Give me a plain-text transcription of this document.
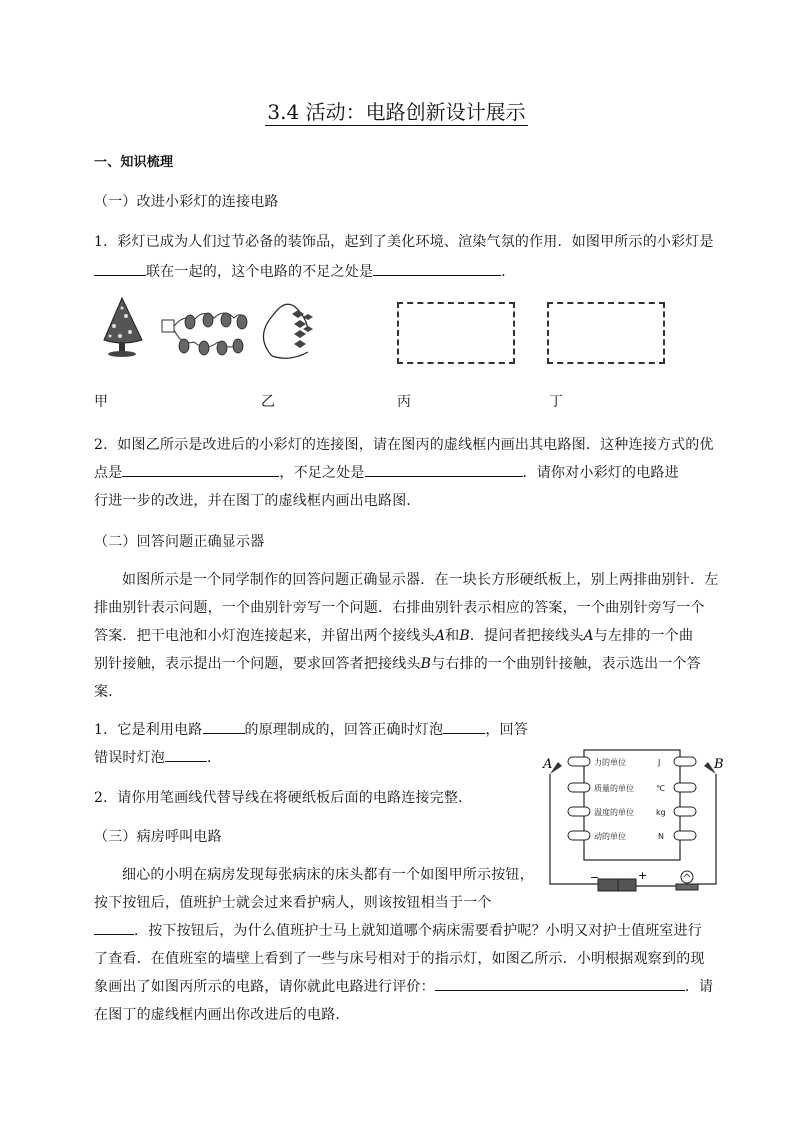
3.4 活动：电路创新设计展示
一、知识梳理
（一）改进小彩灯的连接电路
1．彩灯已成为人们过节必备的装饰品，起到了美化环境、渲染气氛的作用．如图甲所示的小彩灯是
联在一起的，这个电路的不足之处是	．
甲	乙	丙	丁
2．如图乙所示是改进后的小彩灯的连接图，请在图丙的虚线框内画出其电路图．这种连接方式的优
点是	，不足之处是	．请你对小彩灯的电路进
行进一步的改进，并在图丁的虚线框内画出电路图．
（二）回答问题正确显示器
如图所示是一个同学制作的回答问题正确显示器．在一块长方形硬纸板上，别上两排曲别针．左
排曲别针表示问题，一个曲别针旁写一个问题．右排曲别针表示相应的答案，一个曲别针旁写一个
答案．把干电池和小灯泡连接起来，并留出两个接线头A和B．提问者把接线头A与左排的一个曲
别针接触，表示提出一个问题，要求回答者把接线头B与右排的一个曲别针接触，表示选出一个答
案．
1．它是利用电路	的原理制成的，回答正确时灯泡	，回答
错误时灯泡	．
2．请你用笔画线代替导线在将硬纸板后面的电路连接完整．
（三）病房呼叫电路
细心的小明在病房发现每张病床的床头都有一个如图甲所示按钮，
按下按钮后，值班护士就会过来看护病人，则该按钮相当于一个
．按下按钮后，为什么值班护士马上就知道哪个病床需要看护呢？小明又对护士值班室进行
了查看．在值班室的墙壁上看到了一些与床号相对于的指示灯，如图乙所示．小明根据观察到的现
象画出了如图丙所示的电路，请你就此电路进行评价：	．请
在图丁的虚线框内画出你改进后的电路．
A	B
力的单位
质量的单位
温度的单位
动的单位
J
℃
kg
N
−	+
